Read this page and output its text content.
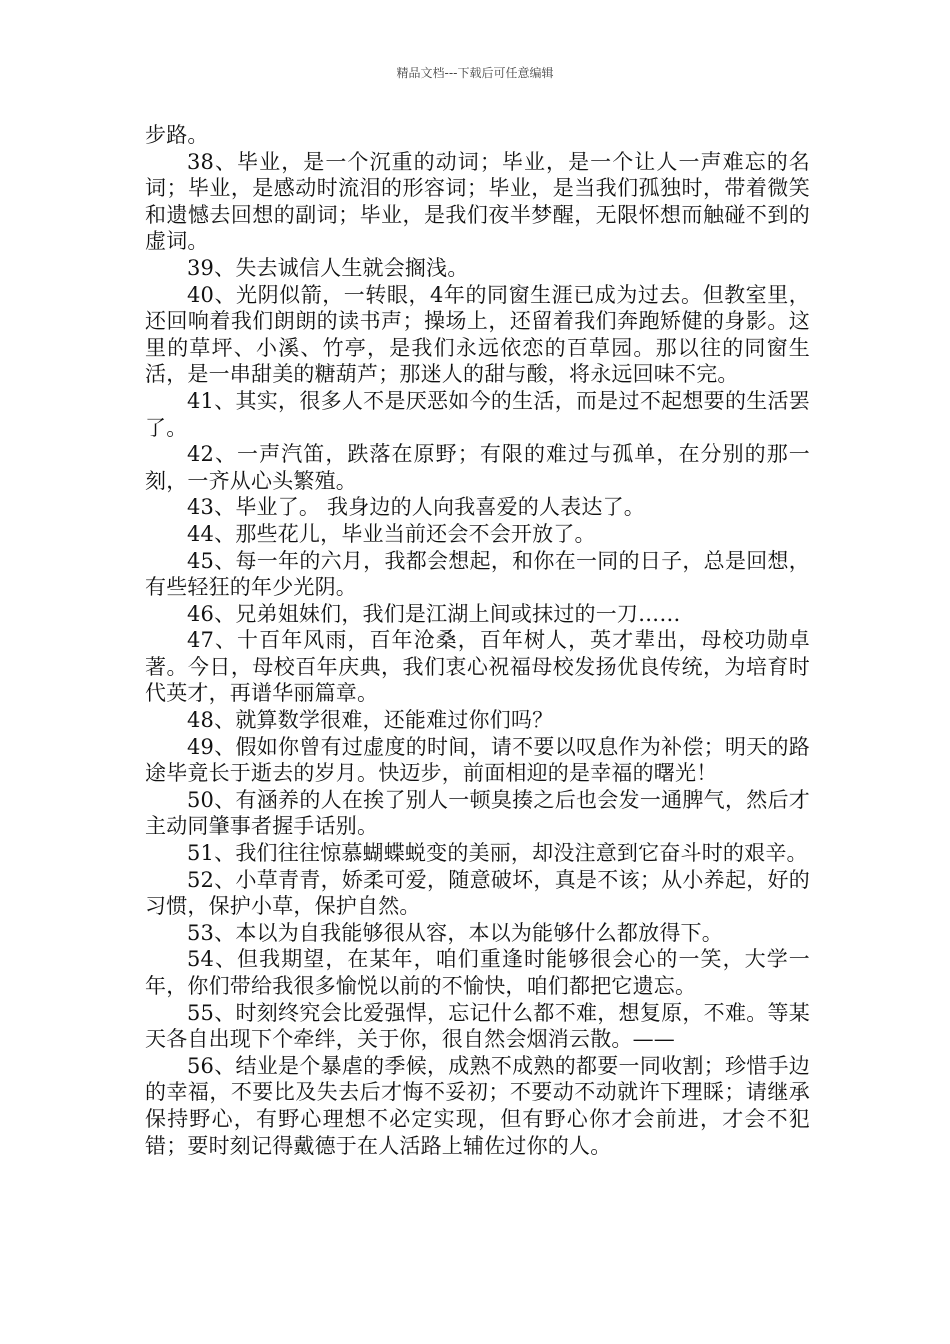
精品文档---下载后可任意编辑

步路。

38、毕业，是一个沉重的动词；毕业，是一个让人一声难忘的名词；毕业，是感动时流泪的形容词；毕业，是当我们孤独时，带着微笑和遗憾去回想的副词；毕业，是我们夜半梦醒，无限怀想而触碰不到的虚词。

39、失去诚信人生就会搁浅。

40、光阴似箭，一转眼，4年的同窗生涯已成为过去。但教室里，还回响着我们朗朗的读书声；操场上，还留着我们奔跑矫健的身影。这里的草坪、小溪、竹亭，是我们永远依恋的百草园。那以往的同窗生活，是一串甜美的糖葫芦；那迷人的甜与酸，将永远回味不完。

41、其实，很多人不是厌恶如今的生活，而是过不起想要的生活罢了。

42、一声汽笛，跌落在原野；有限的难过与孤单，在分别的那一刻，一齐从心头繁殖。

43、毕业了。 我身边的人向我喜爱的人表达了。

44、那些花儿，毕业当前还会不会开放了。

45、每一年的六月，我都会想起，和你在一同的日子，总是回想，有些轻狂的年少光阴。

46、兄弟姐妹们，我们是江湖上间或抹过的一刀……

47、十百年风雨，百年沧桑，百年树人，英才辈出，母校功勋卓著。今日，母校百年庆典，我们衷心祝福母校发扬优良传统，为培育时代英才，再谱华丽篇章。

48、就算数学很难，还能难过你们吗？

49、假如你曾有过虚度的时间，请不要以叹息作为补偿；明天的路途毕竟长于逝去的岁月。快迈步，前面相迎的是幸福的曙光！

50、有涵养的人在挨了别人一顿臭揍之后也会发一通脾气，然后才主动同肇事者握手话别。

51、我们往往惊慕蝴蝶蜕变的美丽，却没注意到它奋斗时的艰辛。

52、小草青青，娇柔可爱，随意破坏，真是不该；从小养起，好的习惯，保护小草，保护自然。

53、本以为自我能够很从容，本以为能够什么都放得下。

54、但我期望，在某年，咱们重逢时能够很会心的一笑，大学一年，你们带给我很多愉悦以前的不愉快，咱们都把它遗忘。

55、时刻终究会比爱强悍，忘记什么都不难，想复原，不难。等某天各自出现下个牵绊，关于你，很自然会烟消云散。——

56、结业是个暴虐的季候，成熟不成熟的都要一同收割；珍惜手边的幸福，不要比及失去后才悔不妥初；不要动不动就许下理睬；请继承保持野心，有野心理想不必定实现，但有野心你才会前进，才会不犯错；要时刻记得戴德于在人活路上辅佐过你的人。
